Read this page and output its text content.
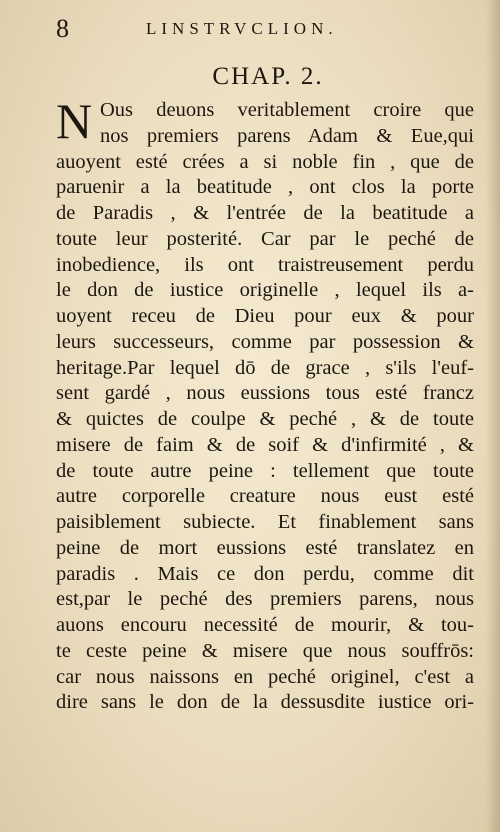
8	LINSTRVCLION.
CHAP. 2.
N Ous deuons veritablement croire que
nos premiers parens Adam & Eue,qui
auoyent esté crées a si noble fin , que de
paruenir a la beatitude , ont clos la porte
de Paradis , & l'entrée de la beatitude a
toute leur posterité. Car par le peché de
inobedience, ils ont traistreusement perdu
le don de iustice originelle , lequel ils a-
uoyent receu de Dieu pour eux & pour
leurs successeurs, comme par possession &
heritage.Par lequel dō de grace , s'ils l'euf-
sent gardé , nous eussions tous esté francz
& quictes de coulpe & peché , & de toute
misere de faim & de soif & d'infirmité , &
de toute autre peine : tellement que toute
autre corporelle creature nous eust esté
paisiblement subiecte. Et finablement sans
peine de mort eussions esté translatez en
paradis . Mais ce don perdu, comme dit
est,par le peché des premiers parens, nous
auons encouru necessité de mourir, & tou-
te ceste peine & misere que nous souffrōs:
car nous naissons en peché originel, c'est a
dire sans le don de la dessusdite iustice ori-
